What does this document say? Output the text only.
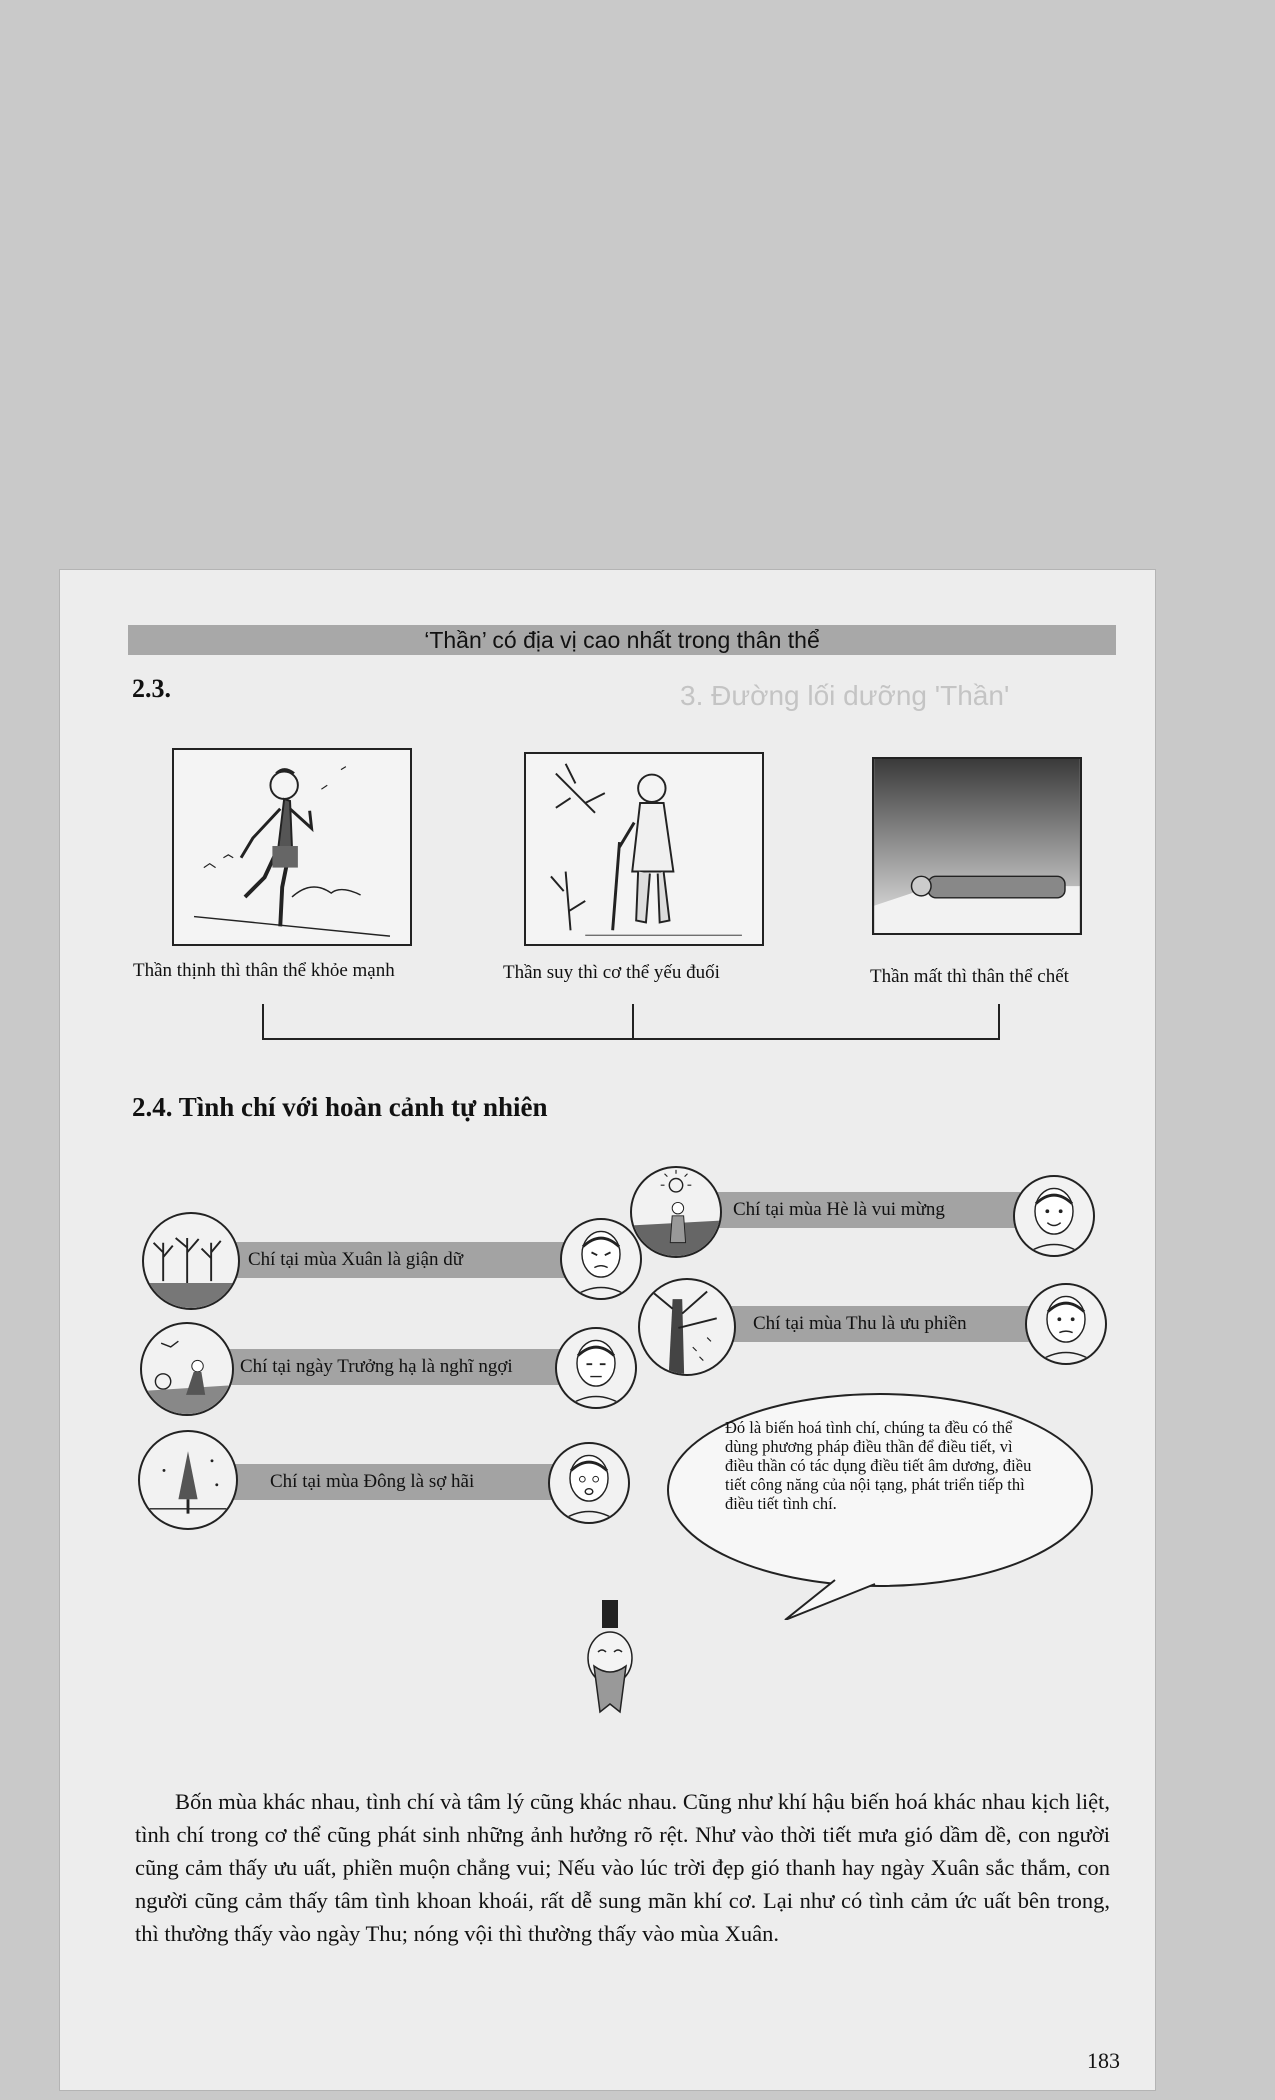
3. Đường lối dưỡng 'Thần'
‘Thần’ có địa vị cao nhất trong thân thể
2.3.
Thần thịnh thì thân thể khỏe mạnh	Thần suy thì cơ thể yếu đuối	Thần mất thì thân thể chết
2.4. Tình chí với hoàn cảnh tự nhiên
Chí tại mùa Hè là vui mừng
Chí tại mùa Xuân là giận dữ
Chí tại mùa Thu là ưu phiền
Chí tại ngày Trưởng hạ là nghĩ ngợi
Chí tại mùa Đông là sợ hãi
Đó là biến hoá tình chí, chúng ta đều có thể dùng phương pháp điều thần để điều tiết, vì điều thần có tác dụng điều tiết âm dương, điều tiết công năng của nội tạng, phát triển tiếp thì điều tiết tình chí.
Bốn mùa khác nhau, tình chí và tâm lý cũng khác nhau. Cũng như khí hậu biến hoá khác nhau kịch liệt, tình chí trong cơ thể cũng phát sinh những ảnh hưởng rõ rệt. Như vào thời tiết mưa gió dầm dề, con người cũng cảm thấy ưu uất, phiền muộn chẳng vui; Nếu vào lúc trời đẹp gió thanh hay ngày Xuân sắc thắm, con người cũng cảm thấy tâm tình khoan khoái, rất dễ sung mãn khí cơ. Lại như có tình cảm ức uất bên trong, thì thường thấy vào ngày Thu; nóng vội thì thường thấy vào mùa Xuân.
183
